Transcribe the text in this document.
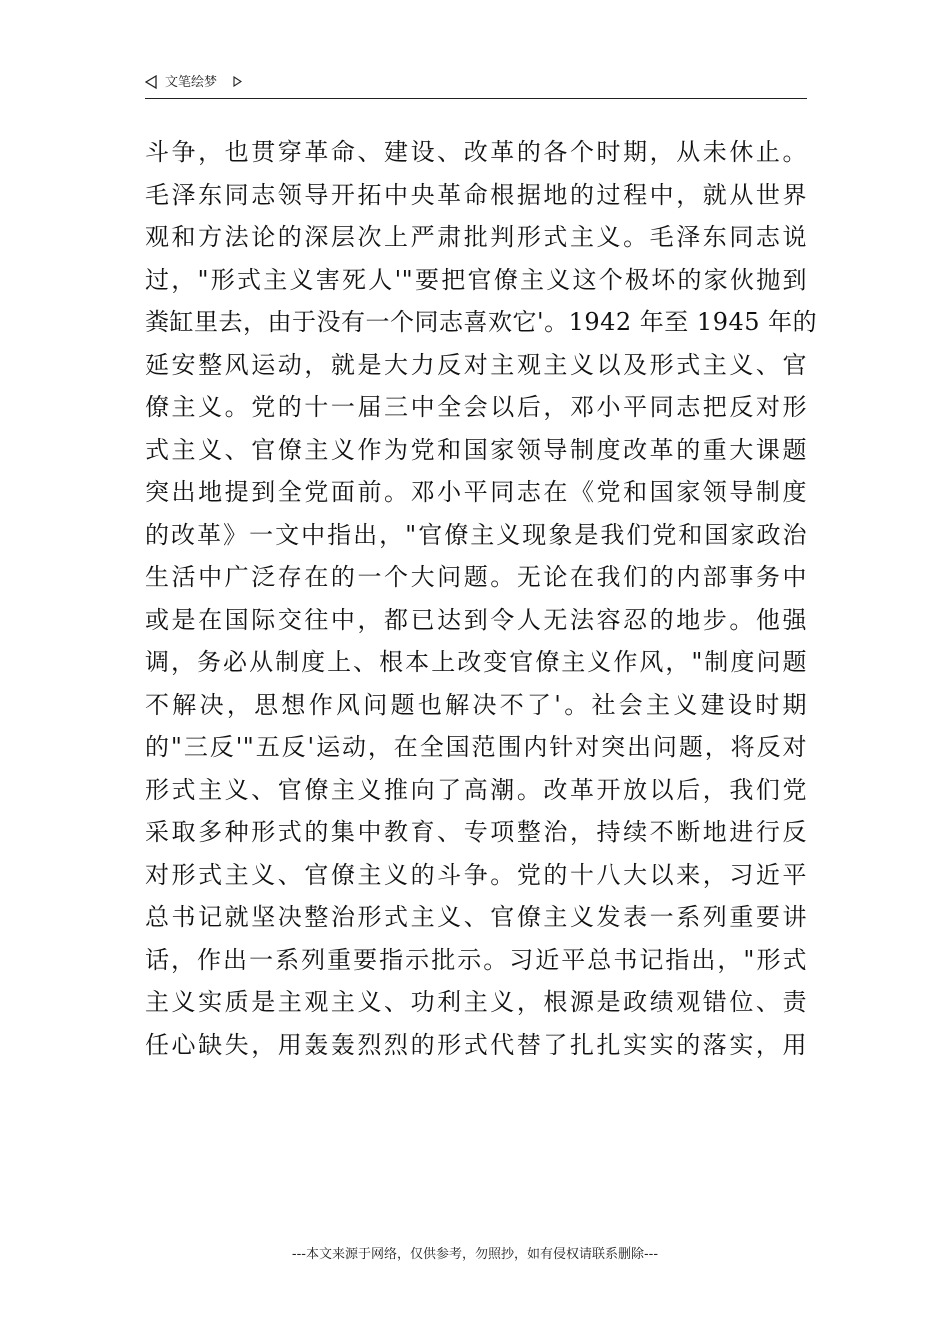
文笔绘梦
斗争，也贯穿革命、建设、改革的各个时期，从未休止。
毛泽东同志领导开拓中央革命根据地的过程中，就从世界
观和方法论的深层次上严肃批判形式主义。毛泽东同志说
过，"形式主义害死人'"要把官僚主义这个极坏的家伙抛到
粪缸里去，由于没有一个同志喜欢它'。1942 年至 1945 年的
延安整风运动，就是大力反对主观主义以及形式主义、官
僚主义。党的十一届三中全会以后，邓小平同志把反对形
式主义、官僚主义作为党和国家领导制度改革的重大课题
突出地提到全党面前。邓小平同志在《党和国家领导制度
的改革》一文中指出，"官僚主义现象是我们党和国家政治
生活中广泛存在的一个大问题。无论在我们的内部事务中
或是在国际交往中，都已达到令人无法容忍的地步。他强
调，务必从制度上、根本上改变官僚主义作风，"制度问题
不解决，思想作风问题也解决不了'。社会主义建设时期
的"三反'"五反'运动，在全国范围内针对突出问题，将反对
形式主义、官僚主义推向了高潮。改革开放以后，我们党
采取多种形式的集中教育、专项整治，持续不断地进行反
对形式主义、官僚主义的斗争。党的十八大以来，习近平
总书记就坚决整治形式主义、官僚主义发表一系列重要讲
话，作出一系列重要指示批示。习近平总书记指出，"形式
主义实质是主观主义、功利主义，根源是政绩观错位、责
任心缺失，用轰轰烈烈的形式代替了扎扎实实的落实，用
---本文来源于网络，仅供参考，勿照抄，如有侵权请联系删除---
